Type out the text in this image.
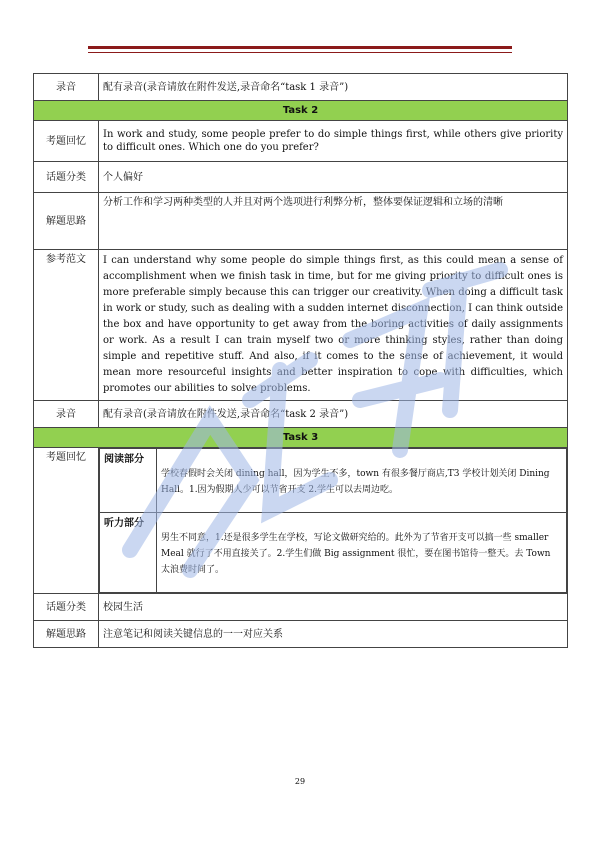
录音	配有录音(录音请放在附件发送,录音命名“task 1 录音”)
Task 2
考题回忆	In work and study, some people prefer to do simple things first, while others give priority to difficult ones. Which one do you prefer?
话题分类	个人偏好
解题思路	分析工作和学习两种类型的人并且对两个选项进行利弊分析，整体要保证逻辑和立场的清晰
参考范文	I can understand why some people do simple things first, as this could mean a sense of accomplishment when we finish task in time, but for me giving priority to difficult ones is more preferable simply because this can trigger our creativity. When doing a difficult task in work or study, such as dealing with a sudden internet disconnection, I can think outside the box and have opportunity to get away from the boring activities of daily assignments or work. As a result I can train myself two or more thinking styles, rather than doing simple and repetitive stuff. And also, if it comes to the sense of achievement, it would mean more resourceful insights and better inspiration to cope with difficulties, which promotes our abilities to solve problems.
录音	配有录音(录音请放在附件发送,录音命名“task 2 录音”)
Task 3
考题回忆	阅读部分	学校春假时会关闭 dining hall，因为学生不多，town 有很多餐厅商店,T3 学校计划关闭 Dining Hall。1.因为假期人少可以节省开支 2.学生可以去周边吃。
听力部分	男生不同意，1.还是很多学生在学校，写论文做研究给的。此外为了节省开支可以搞一些 smaller Meal 就行了不用直接关了。2.学生们做 Big assignment 很忙，要在图书馆待一整天。去 Town 太浪费时间了。

话题分类	校园生活
解题思路	注意笔记和阅读关键信息的一一对应关系
29
